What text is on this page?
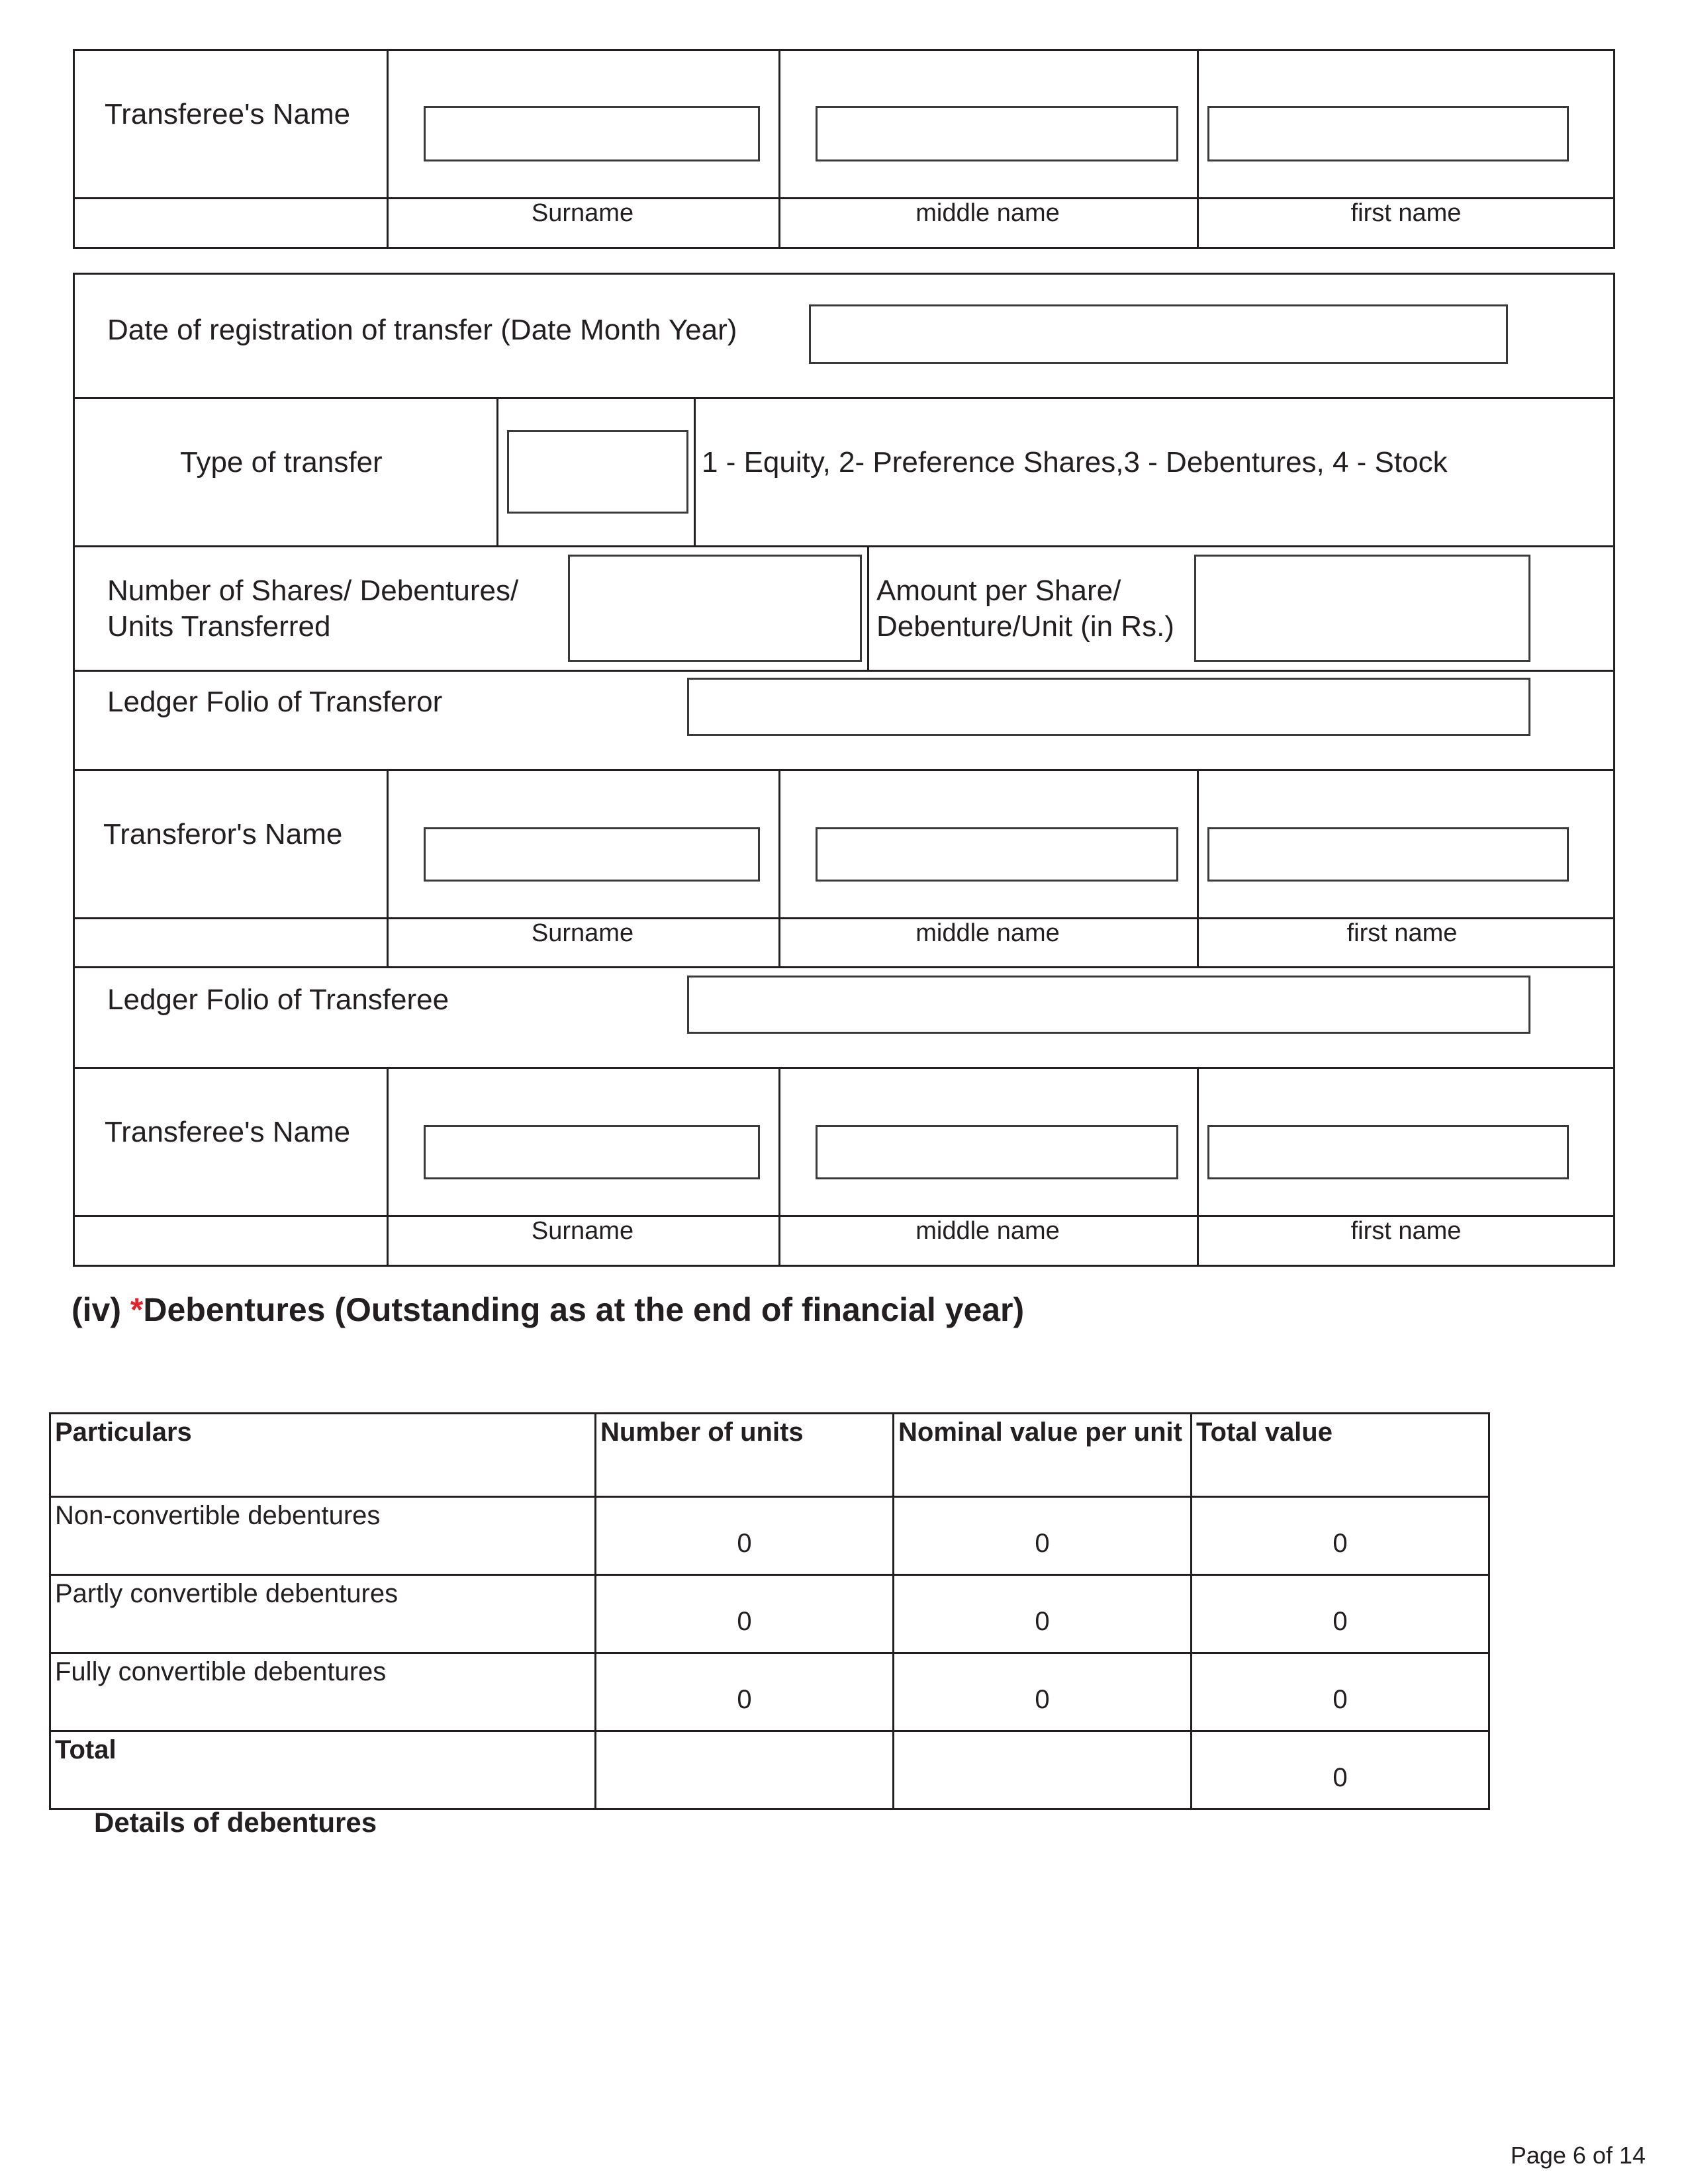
Transferee's Name
Surname	middle name	first name
Date of registration of transfer (Date Month Year)
Type of transfer	1 - Equity, 2- Preference Shares,3 - Debentures, 4 - Stock
Number of Shares/ Debentures/
Units Transferred
Amount per Share/
Debenture/Unit (in Rs.)
Ledger Folio of Transferor
Transferor's Name
Surname	middle name	first name
Ledger Folio of Transferee
Transferee's Name
Surname	middle name	first name
(iv) *Debentures (Outstanding as at the end of financial year)
Particulars	Number of units	Nominal value per unit	Total value
Non-convertible debentures	0	0	0
Partly convertible debentures	0	0	0
Fully convertible debentures	0	0	0
Total			0
Details of debentures
Page 6 of 14
